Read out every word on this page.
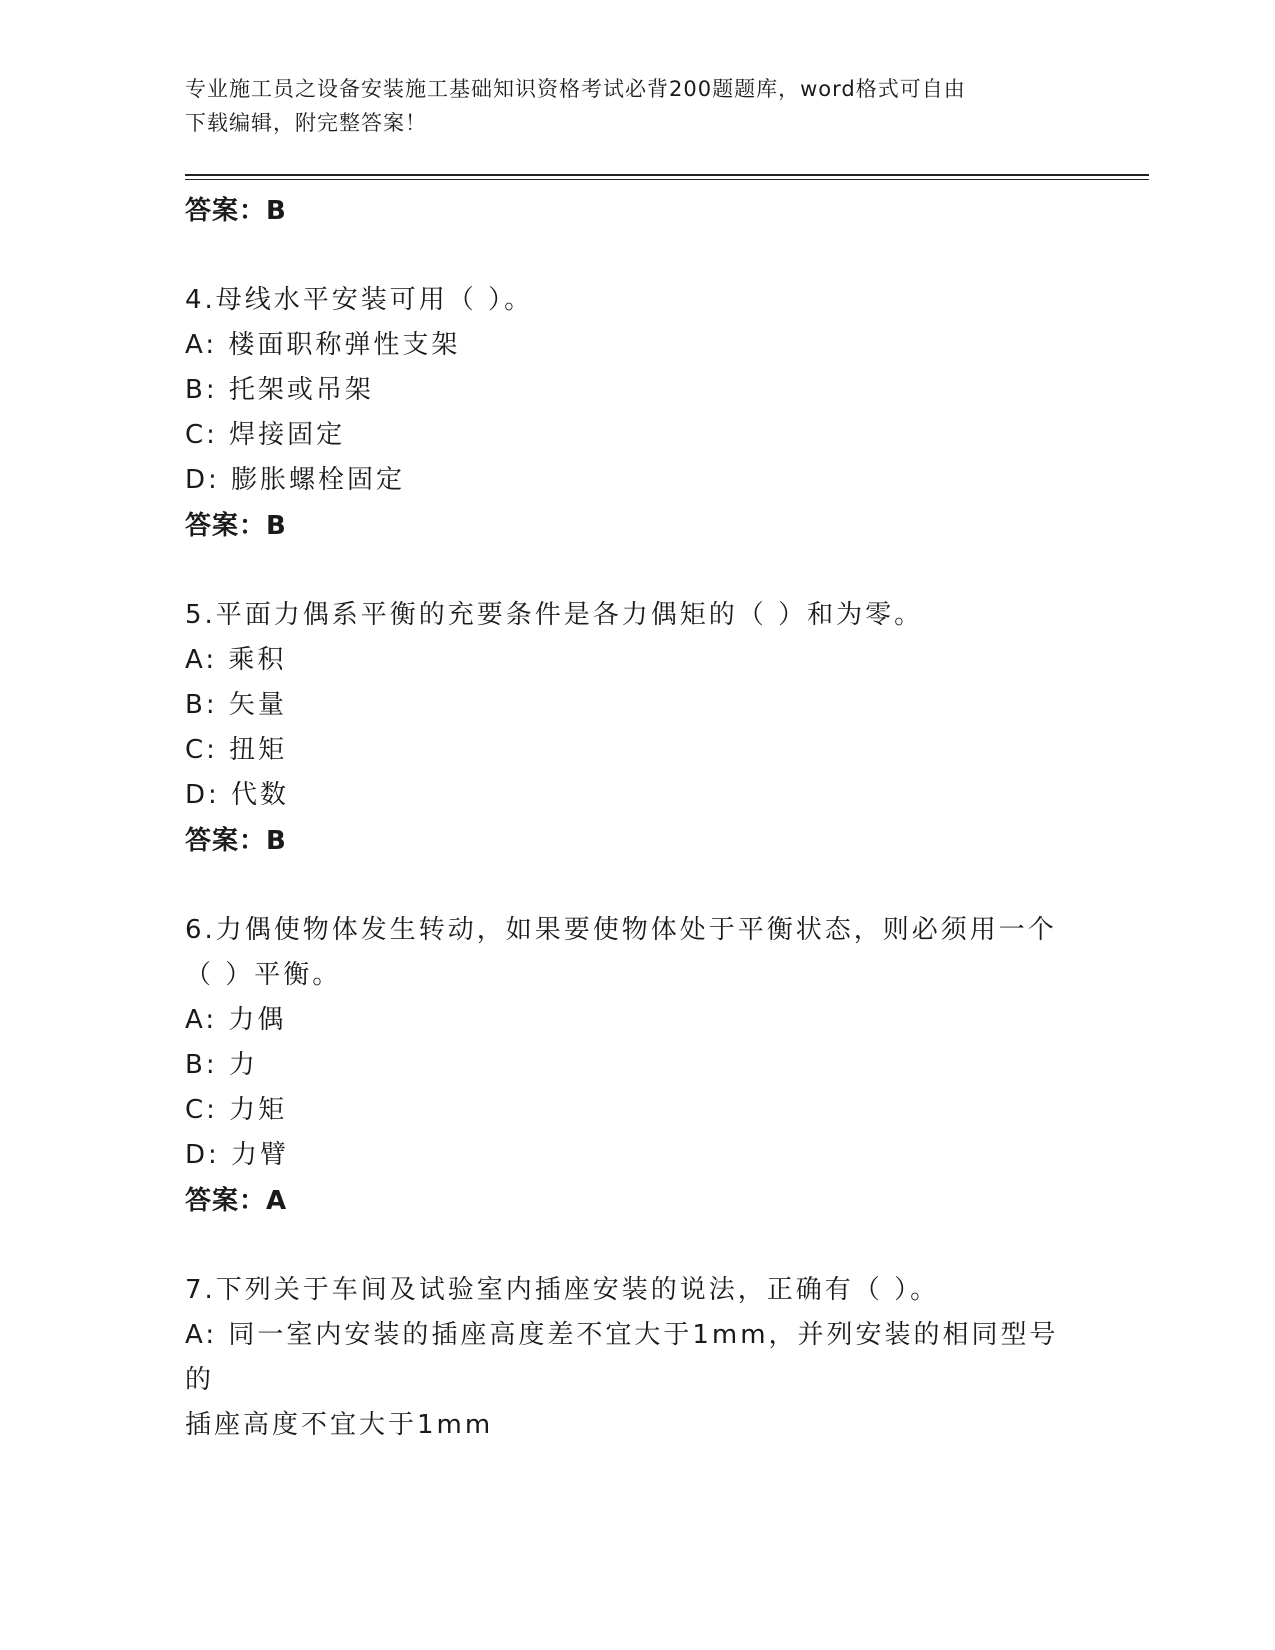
专业施工员之设备安装施工基础知识资格考试必背200题题库，word格式可自由
下载编辑，附完整答案！
答案：B
4.母线水平安装可用（ ）。
A: 楼面职称弹性支架
B: 托架或吊架
C: 焊接固定
D: 膨胀螺栓固定
答案：B
5.平面力偶系平衡的充要条件是各力偶矩的（ ）和为零。
A: 乘积
B: 矢量
C: 扭矩
D: 代数
答案：B
6.力偶使物体发生转动，如果要使物体处于平衡状态，则必须用一个
（ ）平衡。
A: 力偶
B: 力
C: 力矩
D: 力臂
答案：A
7.下列关于车间及试验室内插座安装的说法，正确有（ ）。
A: 同一室内安装的插座高度差不宜大于1mm，并列安装的相同型号的
插座高度不宜大于1mm
